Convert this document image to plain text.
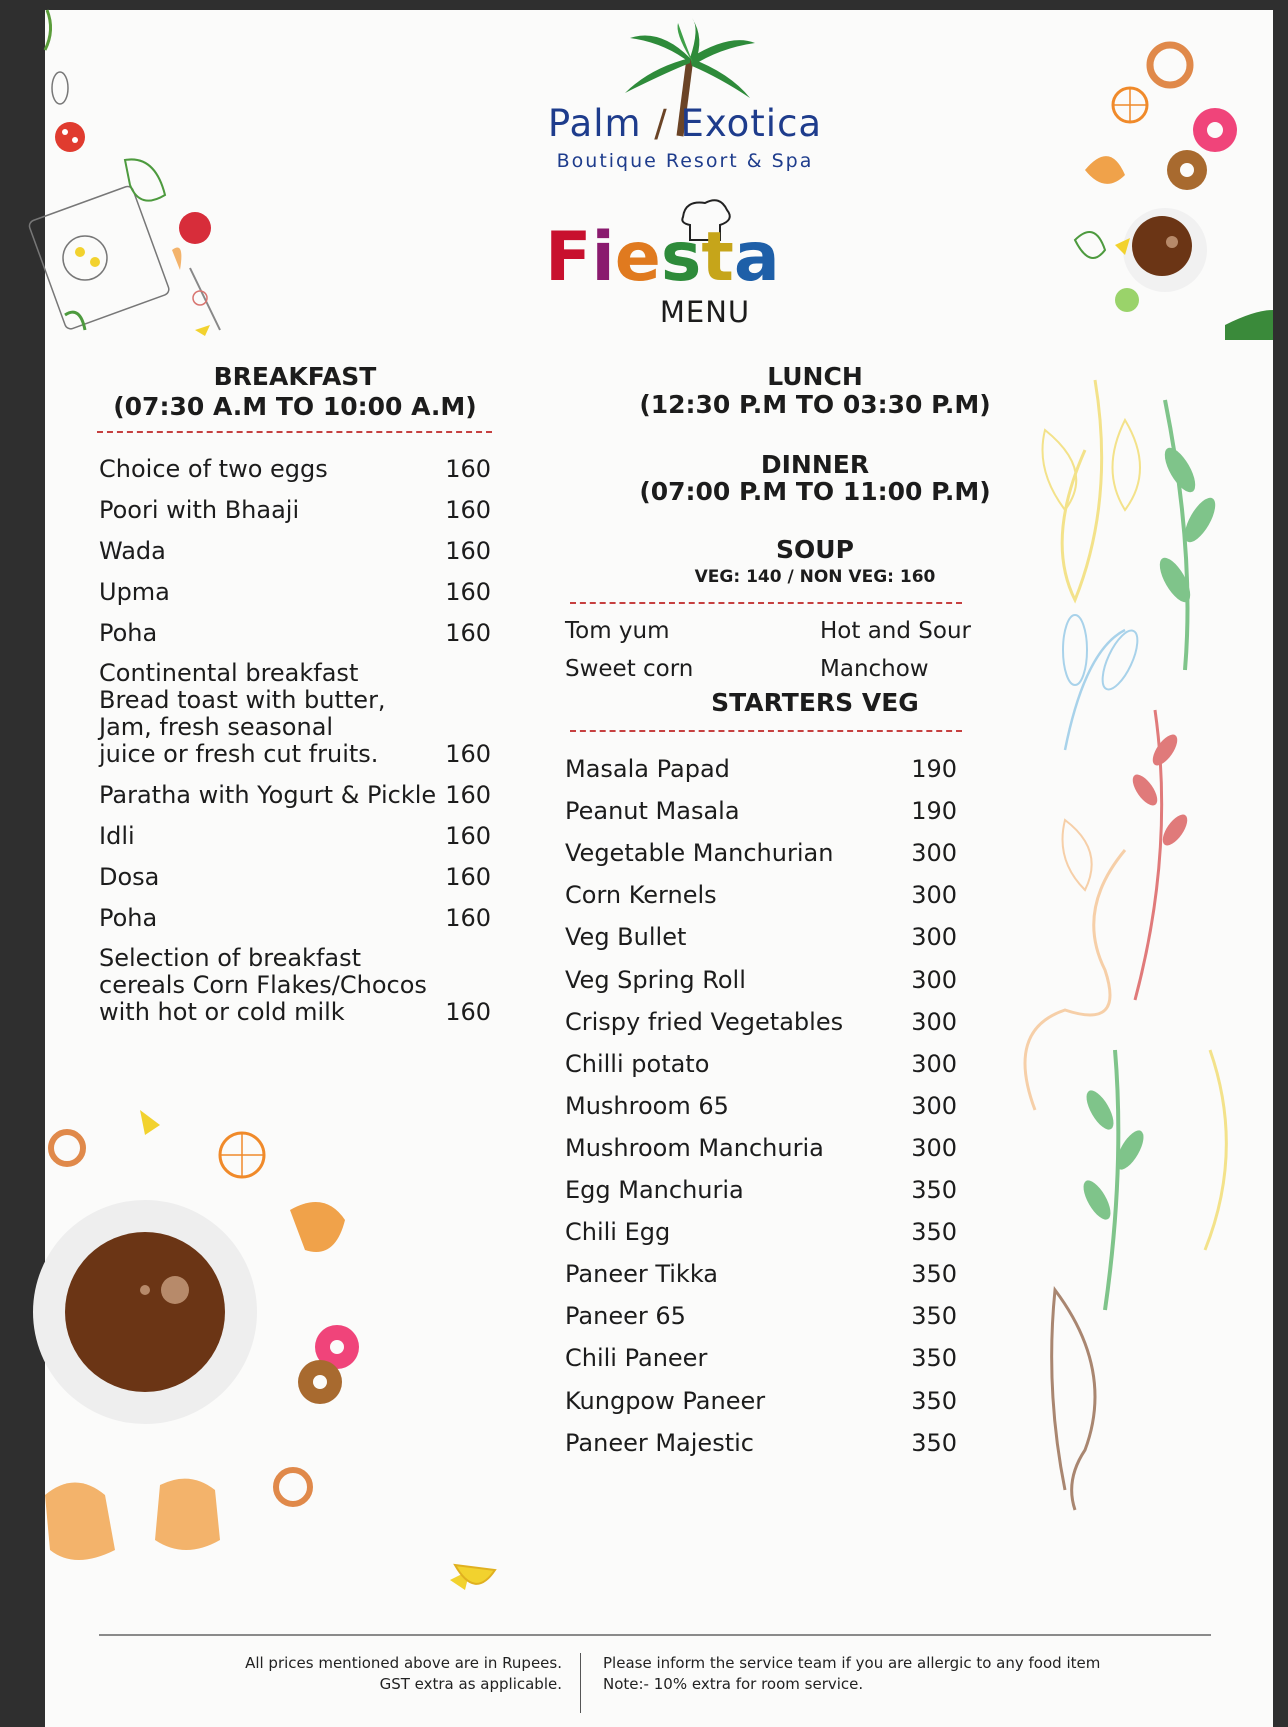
Palm / Exotica
Boutique Resort & Spa
Fiesta
MENU
BREAKFAST
(07:30 A.M TO 10:00 A.M)
Choice of two eggs	160
Poori with Bhaaji	160
Wada	160
Upma	160
Poha	160
Continental breakfast
Bread toast with butter,
Jam, fresh seasonal
juice or fresh cut fruits.	160
Paratha with Yogurt & Pickle 160
Idli	160
Dosa	160
Poha	160
Selection of breakfast
cereals Corn Flakes/Chocos
with hot or cold milk	160
LUNCH
(12:30 P.M TO 03:30 P.M)
DINNER
(07:00 P.M TO 11:00 P.M)
SOUP
VEG: 140 / NON VEG: 160
Tom yum	Hot and Sour
Sweet corn	Manchow
STARTERS VEG
Masala Papad	190
Peanut Masala	190
Vegetable Manchurian	300
Corn Kernels	300
Veg Bullet	300
Veg Spring Roll	300
Crispy fried Vegetables	300
Chilli potato	300
Mushroom 65	300
Mushroom Manchuria	300
Egg Manchuria	350
Chili Egg	350
Paneer Tikka	350
Paneer 65	350
Chili Paneer	350
Kungpow Paneer	350
Paneer Majestic	350
All prices mentioned above are in Rupees.
GST extra as applicable.
Please inform the service team if you are allergic to any food item
Note:- 10% extra for room service.
